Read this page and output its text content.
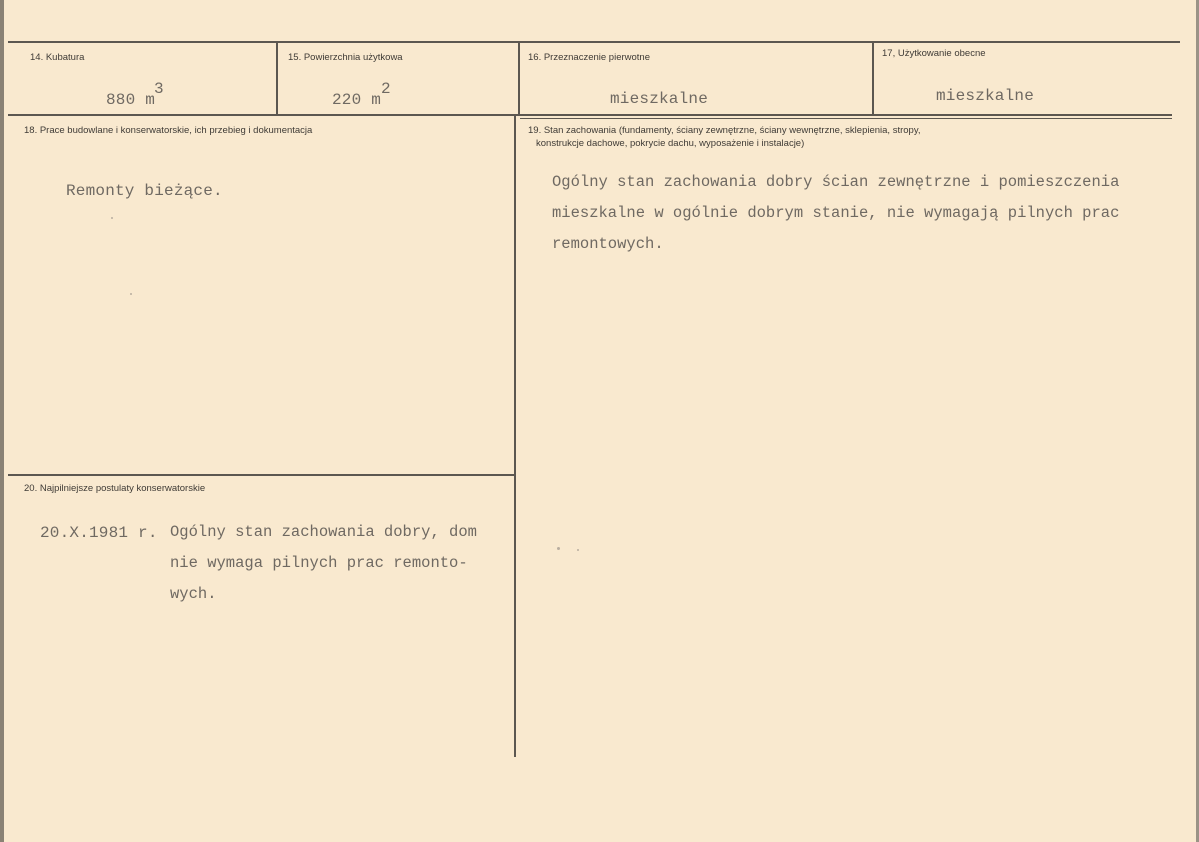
14. Kubatura
880 m
3
15. Powierzchnia użytkowa
220 m
2
16. Przeznaczenie pierwotne
mieszkalne
17, Użytkowanie obecne
mieszkalne
18. Prace budowlane i konserwatorskie, ich przebieg i dokumentacja
Remonty bieżące.
19. Stan zachowania (fundamenty, ściany zewnętrzne, ściany wewnętrzne, sklepienia, stropy,
konstrukcje dachowe, pokrycie dachu, wyposażenie i instalacje)
Ogólny stan zachowania dobry ścian zewnętrzne i pomieszczenia
mieszkalne w ogólnie dobrym stanie, nie wymagają pilnych prac
remontowych.
20. Najpilniejsze postulaty konserwatorskie
20.X.1981 r. Ogólny stan zachowania dobry, dom
nie wymaga pilnych prac remonto-
wych.
